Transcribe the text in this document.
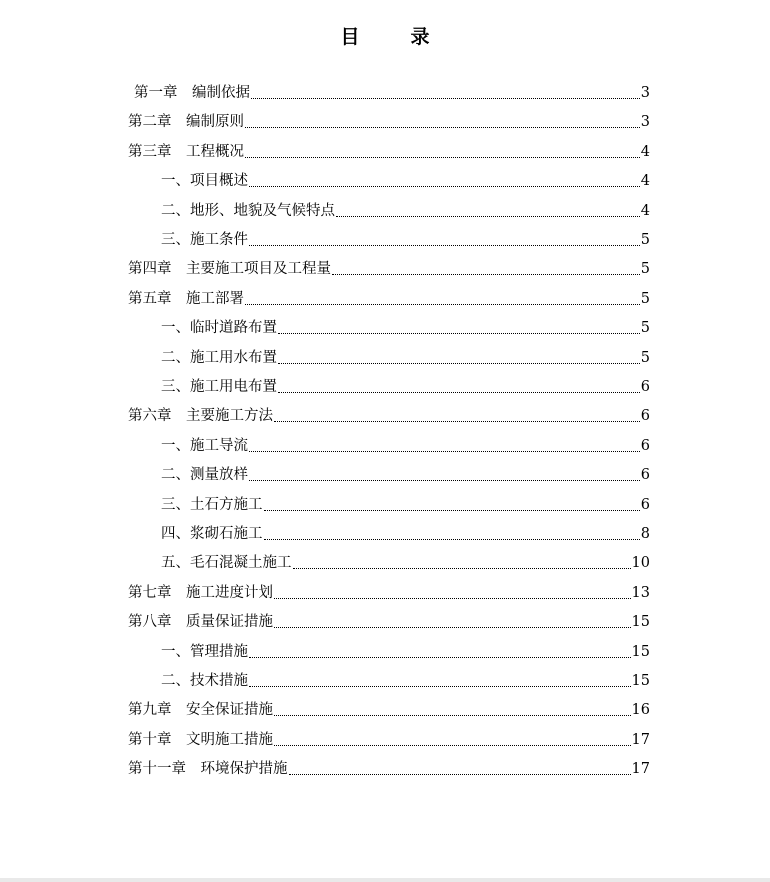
目　录
第一章　编制依据	3
第二章　编制原则	3
第三章　工程概况	4
一、项目概述	4
二、地形、地貌及气候特点	4
三、施工条件	5
第四章　主要施工项目及工程量	5
第五章　施工部署	5
一、临时道路布置	5
二、施工用水布置	5
三、施工用电布置	6
第六章　主要施工方法	6
一、施工导流	6
二、测量放样	6
三、土石方施工	6
四、浆砌石施工	8
五、毛石混凝土施工	10
第七章　施工进度计划	13
第八章　质量保证措施	15
一、管理措施	15
二、技术措施	15
第九章　安全保证措施	16
第十章　文明施工措施	17
第十一章　环境保护措施	17
